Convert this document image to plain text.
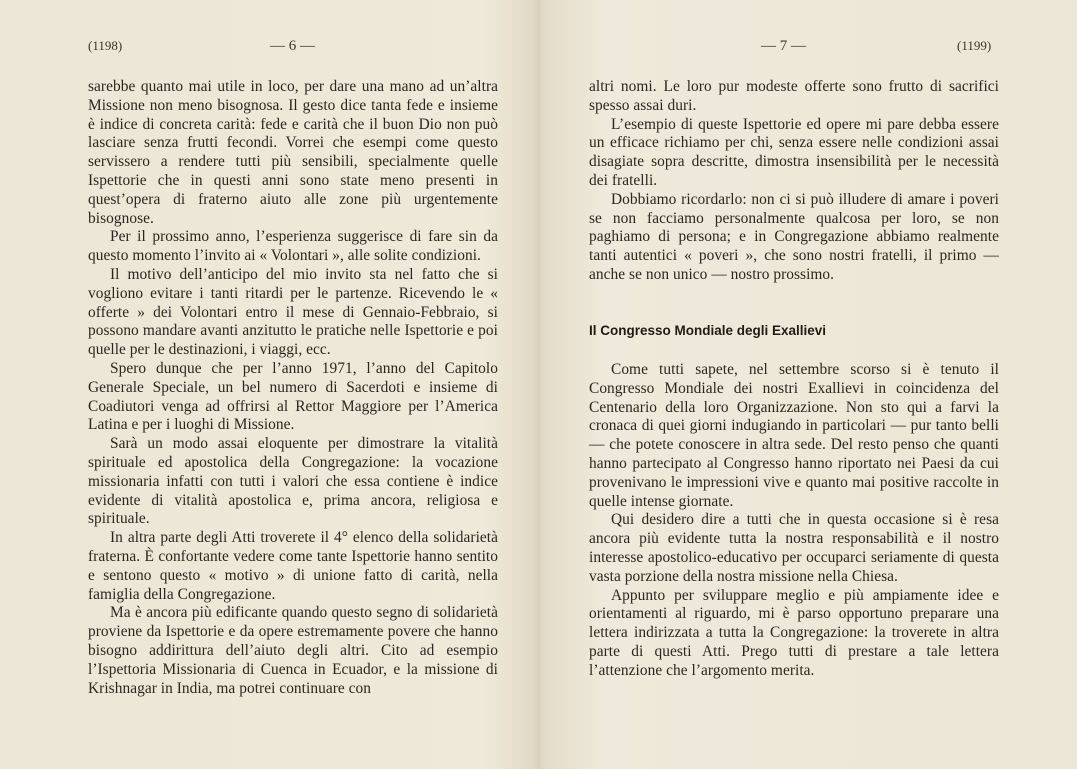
(1198)	— 6 —

sarebbe quanto mai utile in loco, per dare una mano ad un’altra Missione non meno bisognosa. Il gesto dice tanta fede e insieme è indice di concreta carità: fede e carità che il buon Dio non può lasciare senza frutti fecondi. Vorrei che esempi come questo servissero a rendere tutti più sensibili, specialmente quelle Ispettorie che in questi anni sono state meno presenti in quest’opera di fraterno aiuto alle zone più urgentemente bisognose.

Per il prossimo anno, l’esperienza suggerisce di fare sin da questo momento l’invito ai « Volontari », alle solite condizioni.

Il motivo dell’anticipo del mio invito sta nel fatto che si vogliono evitare i tanti ritardi per le partenze. Ricevendo le « offerte » dei Volontari entro il mese di Gennaio-Febbraio, si possono mandare avanti anzitutto le pratiche nelle Ispettorie e poi quelle per le destinazioni, i viaggi, ecc.

Spero dunque che per l’anno 1971, l’anno del Capitolo Generale Speciale, un bel numero di Sacerdoti e insieme di Coadiutori venga ad offrirsi al Rettor Maggiore per l’America Latina e per i luoghi di Missione.

Sarà un modo assai eloquente per dimostrare la vitalità spirituale ed apostolica della Congregazione: la vocazione missionaria infatti con tutti i valori che essa contiene è indice evidente di vitalità apostolica e, prima ancora, religiosa e spirituale.

In altra parte degli Atti troverete il 4° elenco della solidarietà fraterna. È confortante vedere come tante Ispettorie hanno sentito e sentono questo « motivo » di unione fatto di carità, nella famiglia della Congregazione.

Ma è ancora più edificante quando questo segno di solidarietà proviene da Ispettorie e da opere estremamente povere che hanno bisogno addirittura dell’aiuto degli altri. Cito ad esempio l’Ispettoria Missionaria di Cuenca in Ecuador, e la missione di Krishnagar in India, ma potrei continuare con

— 7 —	(1199)

altri nomi. Le loro pur modeste offerte sono frutto di sacrifici spesso assai duri.

L’esempio di queste Ispettorie ed opere mi pare debba essere un efficace richiamo per chi, senza essere nelle condizioni assai disagiate sopra descritte, dimostra insensibilità per le necessità dei fratelli.

Dobbiamo ricordarlo: non ci si può illudere di amare i poveri se non facciamo personalmente qualcosa per loro, se non paghiamo di persona; e in Congregazione abbiamo realmente tanti autentici « poveri », che sono nostri fratelli, il primo — anche se non unico — nostro prossimo.

Il Congresso Mondiale degli Exallievi

Come tutti sapete, nel settembre scorso si è tenuto il Congresso Mondiale dei nostri Exallievi in coincidenza del Centenario della loro Organizzazione. Non sto qui a farvi la cronaca di quei giorni indugiando in particolari — pur tanto belli — che potete conoscere in altra sede. Del resto penso che quanti hanno partecipato al Congresso hanno riportato nei Paesi da cui provenivano le impressioni vive e quanto mai positive raccolte in quelle intense giornate.

Qui desidero dire a tutti che in questa occasione si è resa ancora più evidente tutta la nostra responsabilità e il nostro interesse apostolico-educativo per occuparci seriamente di questa vasta porzione della nostra missione nella Chiesa.

Appunto per sviluppare meglio e più ampiamente idee e orientamenti al riguardo, mi è parso opportuno preparare una lettera indirizzata a tutta la Congregazione: la troverete in altra parte di questi Atti. Prego tutti di prestare a tale lettera l’attenzione che l’argomento merita.
